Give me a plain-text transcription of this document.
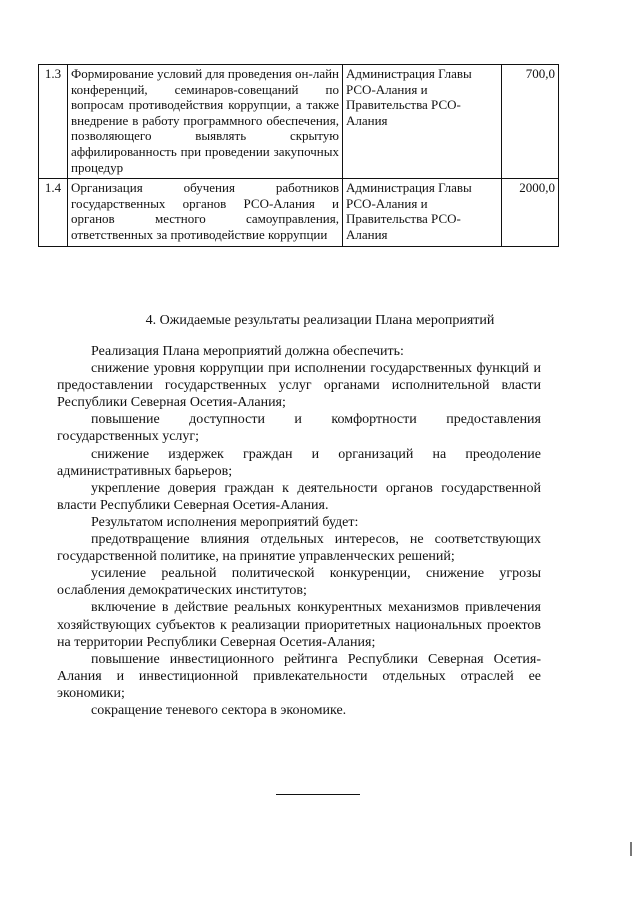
1.3	Формирование условий для проведения он-лайн конференций, семинаров-совещаний по вопросам противодействия коррупции, а также внедрение в работу программного обеспечения, позволяющего выявлять скрытую аффилированность при проведении закупочных процедур	Администрация Главы РСО-Алания и Правительства РСО-Алания	700,0
1.4	Организация обучения работников государственных органов РСО-Алания и органов местного самоуправления, ответственных за противодействие коррупции	Администрация Главы РСО-Алания и Правительства РСО-Алания	2000,0
4. Ожидаемые результаты реализации Плана мероприятий

Реализация Плана мероприятий должна обеспечить:

снижение уровня коррупции при исполнении государственных функций и предоставлении государственных услуг органами исполнительной власти Республики Северная Осетия-Алания;

повышение доступности и комфортности предоставления государственных услуг;

снижение издержек граждан и организаций на преодоление административных барьеров;

укрепление доверия граждан к деятельности органов государственной власти Республики Северная Осетия-Алания.

Результатом исполнения мероприятий будет:

предотвращение влияния отдельных интересов, не соответствующих государственной политике, на принятие управленческих решений;

усиление реальной политической конкуренции, снижение угрозы ослабления демократических институтов;

включение в действие реальных конкурентных механизмов привлечения хозяйствующих субъектов к реализации приоритетных национальных проектов на территории Республики Северная Осетия-Алания;

повышение инвестиционного рейтинга Республики Северная Осетия-Алания и инвестиционной привлекательности отдельных отраслей ее экономики;

сокращение теневого сектора в экономике.
